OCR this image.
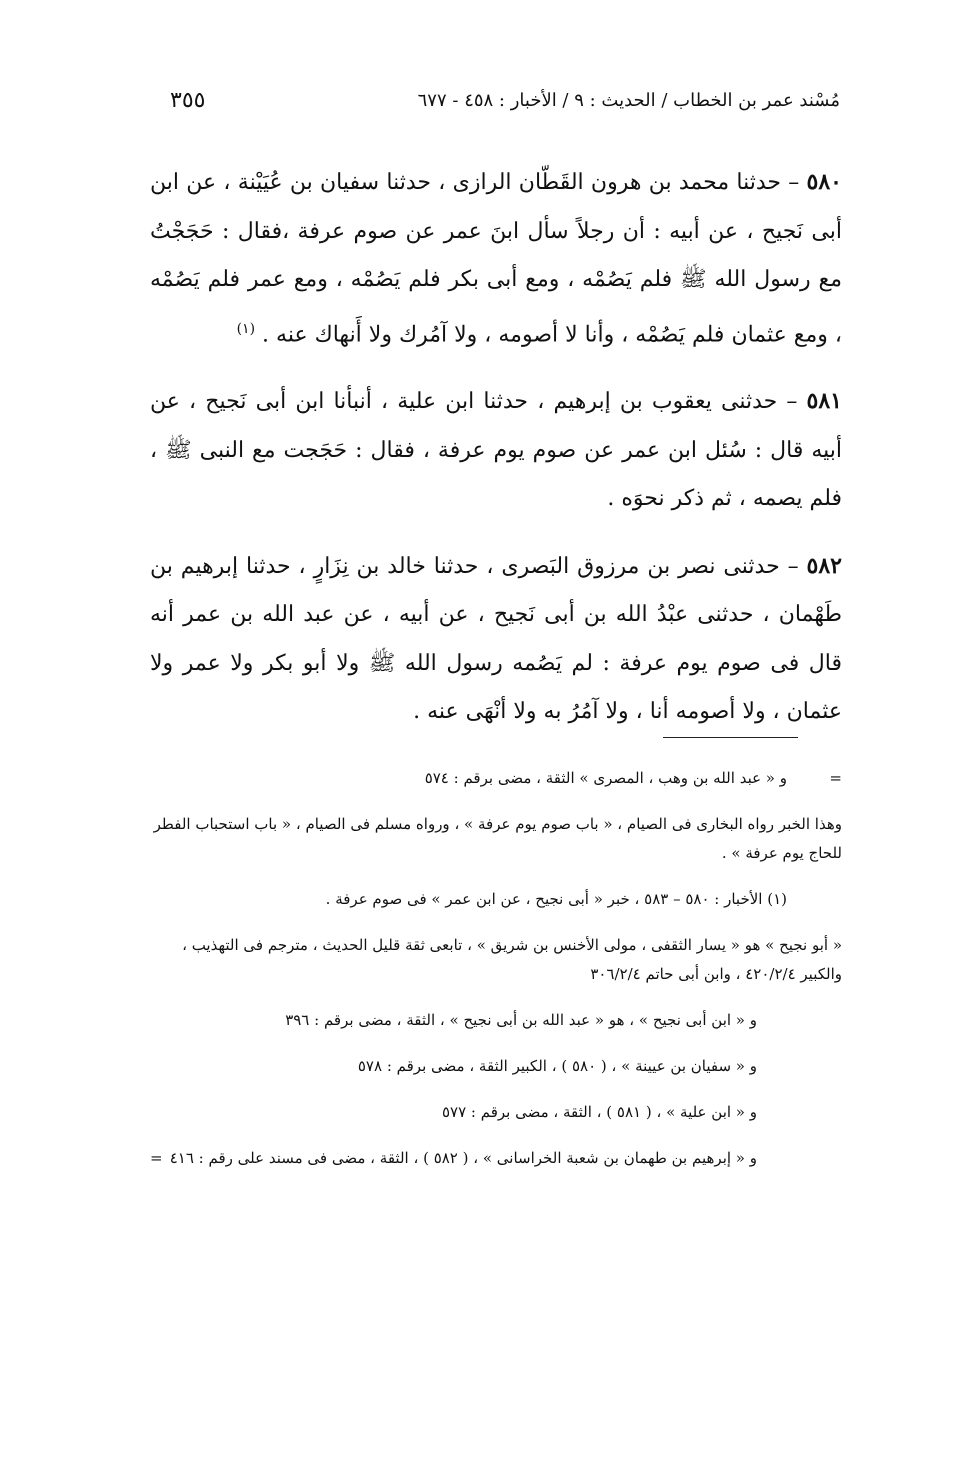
مُسْند عمر بن الخطاب / الحديث : ٩ / الأخبار : ٤٥٨ - ٦٧٧
٣٥٥

٥٨٠ – حدثنا محمد بن هرون القَطّان الرازى ، حدثنا سفيان بن عُيَيْنة ، عن ابن أبى نَجيح ، عن أبيه : أن رجلاً سأل ابنَ عمر عن صوم عرفة ،فقال : حَجَجْتُ مع رسول الله ﷺ فلم يَصُمْه ، ومع أبى بكر فلم يَصُمْه ، ومع عمر فلم يَصُمْه ، ومع عثمان فلم يَصُمْه ، وأنا لا أصومه ، ولا آمُرك ولا أَنهاك عنه . $^{(١)}$

٥٨١ – حدثنى يعقوب بن إبرهيم ، حدثنا ابن علية ، أنبأنا ابن أبى نَجيح ، عن أبيه قال : سُئل ابن عمر عن صوم يوم عرفة ، فقال : حَجَجت مع النبى ﷺ ، فلم يصمه ، ثم ذكر نحوَه .

٥٨٢ – حدثنى نصر بن مرزوق البَصرى ، حدثنا خالد بن نِزَارٍ ، حدثنا إبرهيم بن طَهْمان ، حدثنى عبْدُ الله بن أبى نَجيح ، عن أبيه ، عن عبد الله بن عمر أنه قال فى صوم يوم عرفة : لم يَصُمه رسول الله ﷺ ولا أبو بكر ولا عمر ولا عثمان ، ولا أصومه أنا ، ولا آمُرُ به ولا أنْهَى عنه .

و « عبد الله بن وهب ، المصرى » الثقة ، مضى برقم : ٥٧٤	=

وهذا الخبر رواه البخارى فى الصيام ، « باب صوم يوم عرفة » ، ورواه مسلم فى الصيام ، « باب استحباب الفطر للحاج يوم عرفة » .

(١) الأخبار : ٥٨٠ – ٥٨٣ ، خبر « أبى نجيح ، عن ابن عمر » فى صوم عرفة .

« أبو نجيح » هو « يسار الثقفى ، مولى الأخنس بن شريق » ، تابعى ثقة قليل الحديث ، مترجم فى التهذيب ، والكبير ٤٢٠/٢/٤ ، وابن أبى حاتم ٣٠٦/٢/٤

و « ابن أبى نجيح » ، هو « عبد الله بن أبى نجيح » ، الثقة ، مضى برقم : ٣٩٦

و « سفيان بن عيينة » ، ( ٥٨٠ ) ، الكبير الثقة ، مضى برقم : ٥٧٨

و « ابن علية » ، ( ٥٨١ ) ، الثقة ، مضى برقم : ٥٧٧

و « إبرهيم بن طهمان بن شعبة الخراسانى » ، ( ٥٨٢ ) ، الثقة ، مضى فى مسند على رقم : ٤١٦
=
